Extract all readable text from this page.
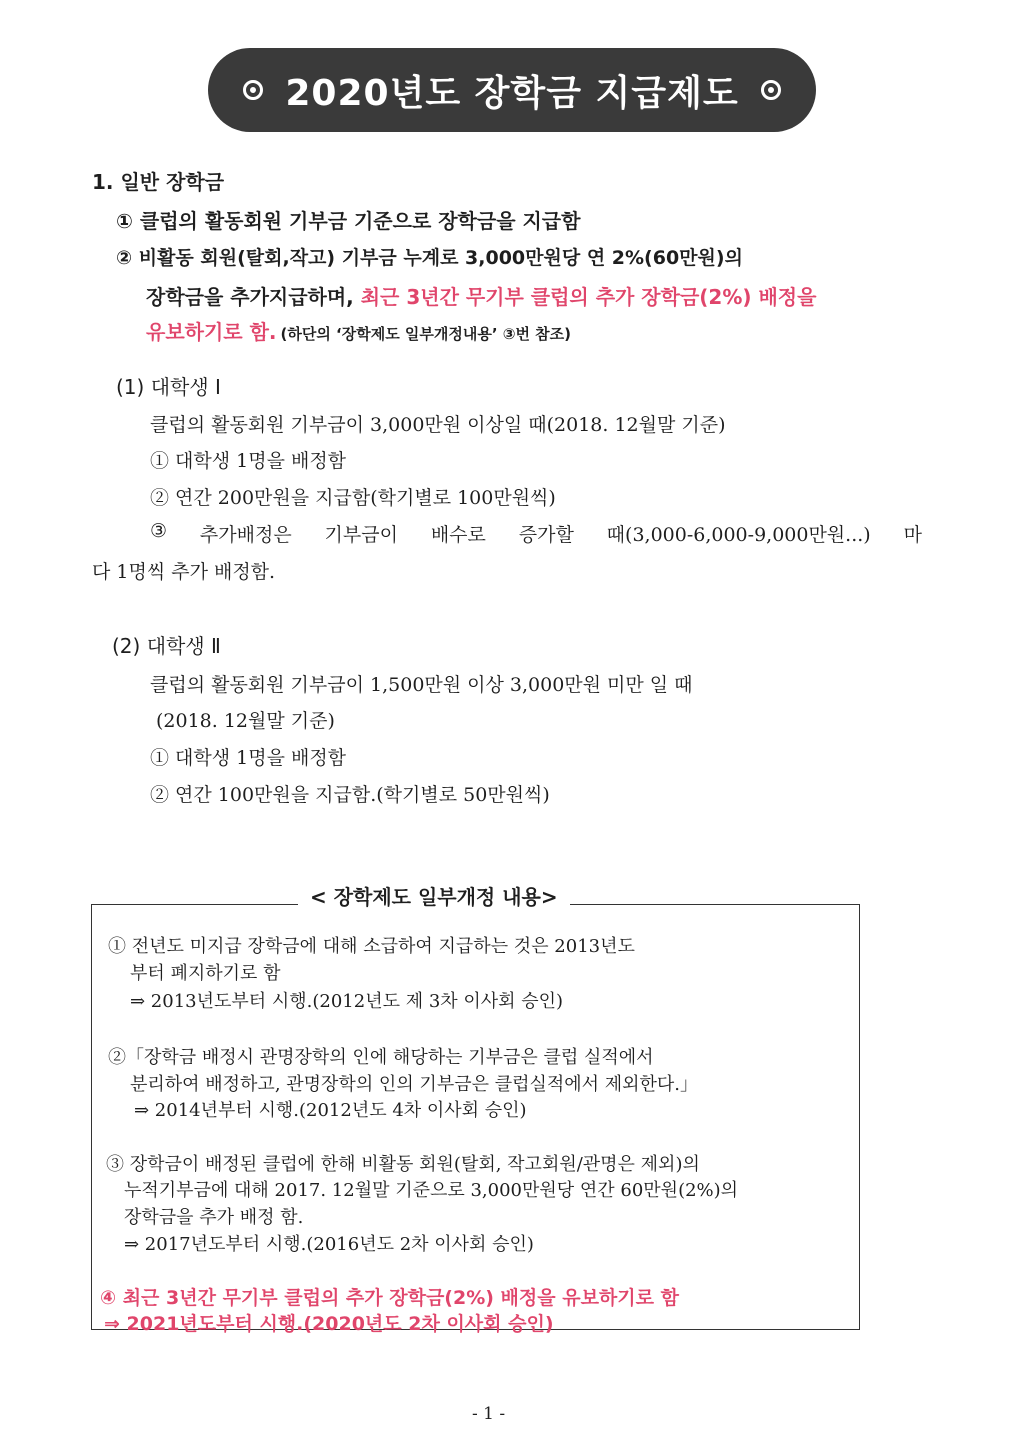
2020년도 장학금 지급제도
1. 일반 장학금
① 클럽의 활동회원 기부금 기준으로 장학금을 지급함
② 비활동 회원(탈회,작고) 기부금 누계로 3,000만원당 연 2%(60만원)의
장학금을 추가지급하며, 최근 3년간 무기부 클럽의 추가 장학금(2%) 배정을
유보하기로 함. (하단의 ‘장학제도 일부개정내용’ ③번 참조)
(1) 대학생 Ⅰ
클럽의 활동회원 기부금이 3,000만원 이상일 때(2018. 12월말 기준)
① 대학생 1명을 배정함
② 연간 200만원을 지급함(학기별로 100만원씩)
③ 추가배정은 기부금이 배수로 증가할 때(3,000-6,000-9,000만원...) 마
다 1명씩 추가 배정함.
(2) 대학생 Ⅱ
클럽의 활동회원 기부금이 1,500만원 이상 3,000만원 미만 일 때
(2018. 12월말 기준)
① 대학생 1명을 배정함
② 연간 100만원을 지급함.(학기별로 50만원씩)
< 장학제도 일부개정 내용>
① 전년도 미지급 장학금에 대해 소급하여 지급하는 것은 2013년도
부터 폐지하기로 함
⇒ 2013년도부터 시행.(2012년도 제 3차 이사회 승인)
②「장학금 배정시 관명장학의 인에 해당하는 기부금은 클럽 실적에서
분리하여 배정하고, 관명장학의 인의 기부금은 클럽실적에서 제외한다.」
⇒ 2014년부터 시행.(2012년도 4차 이사회 승인)
③ 장학금이 배정된 클럽에 한해 비활동 회원(탈회, 작고회원/관명은 제외)의
누적기부금에 대해 2017. 12월말 기준으로 3,000만원당 연간 60만원(2%)의
장학금을 추가 배정 함.
⇒ 2017년도부터 시행.(2016년도 2차 이사회 승인)
④ 최근 3년간 무기부 클럽의 추가 장학금(2%) 배정을 유보하기로 함
⇒ 2021년도부터 시행.(2020년도 2차 이사회 승인)
- 1 -
